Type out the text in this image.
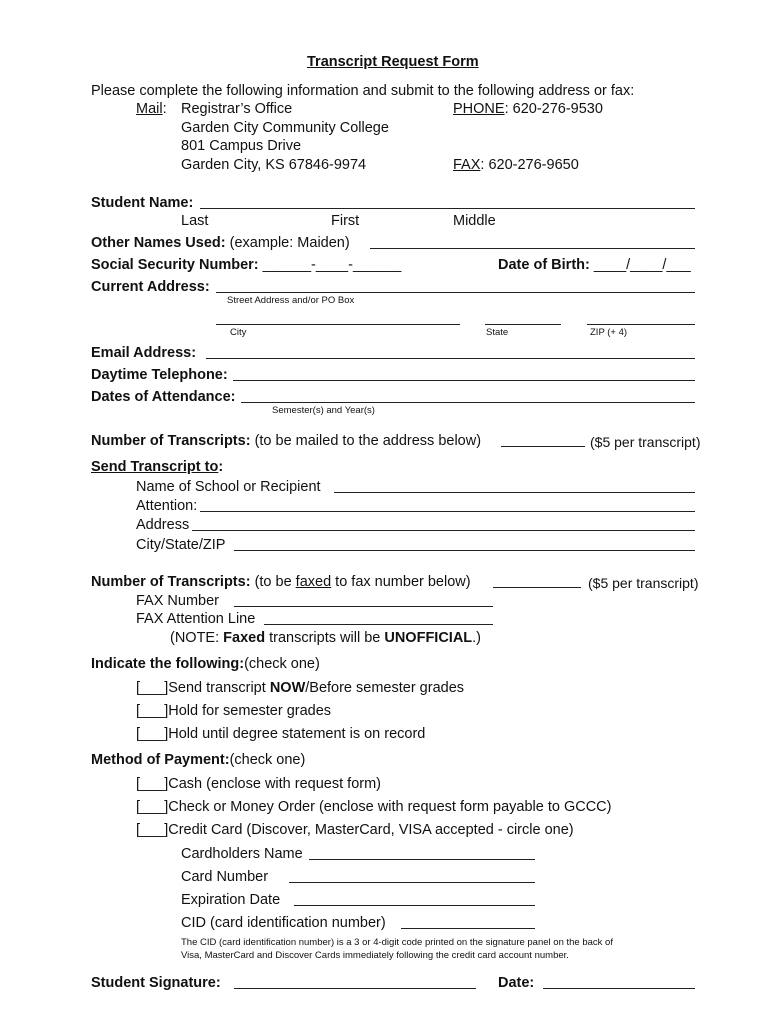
Transcript Request Form
Please complete the following information and submit to the following address or fax:
Mail: Registrar’s Office
Garden City Community College
801 Campus Drive
Garden City, KS 67846-9974
PHONE: 620-276-9530
FAX: 620-276-9650
Student Name:
Last	First	Middle
Other Names Used: (example: Maiden)
Social Security Number: ______-____-______	Date of Birth: ____/____/___
Current Address:
Street Address and/or PO Box
City	State	ZIP (+ 4)
Email Address:
Daytime Telephone:
Dates of Attendance:
Semester(s) and Year(s)
Number of Transcripts: (to be mailed to the address below)	($5 per transcript)
Send Transcript to:
Name of School or Recipient
Attention:
Address
City/State/ZIP
Number of Transcripts: (to be faxed to fax number below)	($5 per transcript)
FAX Number
FAX Attention Line
(NOTE: Faxed transcripts will be UNOFFICIAL.)
Indicate the following:(check one)
[___]Send transcript NOW/Before semester grades
[___]Hold for semester grades
[___]Hold until degree statement is on record
Method of Payment:(check one)
[___]Cash (enclose with request form)
[___]Check or Money Order (enclose with request form payable to GCCC)
[___]Credit Card (Discover, MasterCard, VISA accepted - circle one)
Cardholders Name
Card Number
Expiration Date
CID (card identification number)
The CID (card identification number) is a 3 or 4-digit code printed on the signature panel on the back of
Visa, MasterCard and Discover Cards immediately following the credit card account number.
Student Signature:	Date:
